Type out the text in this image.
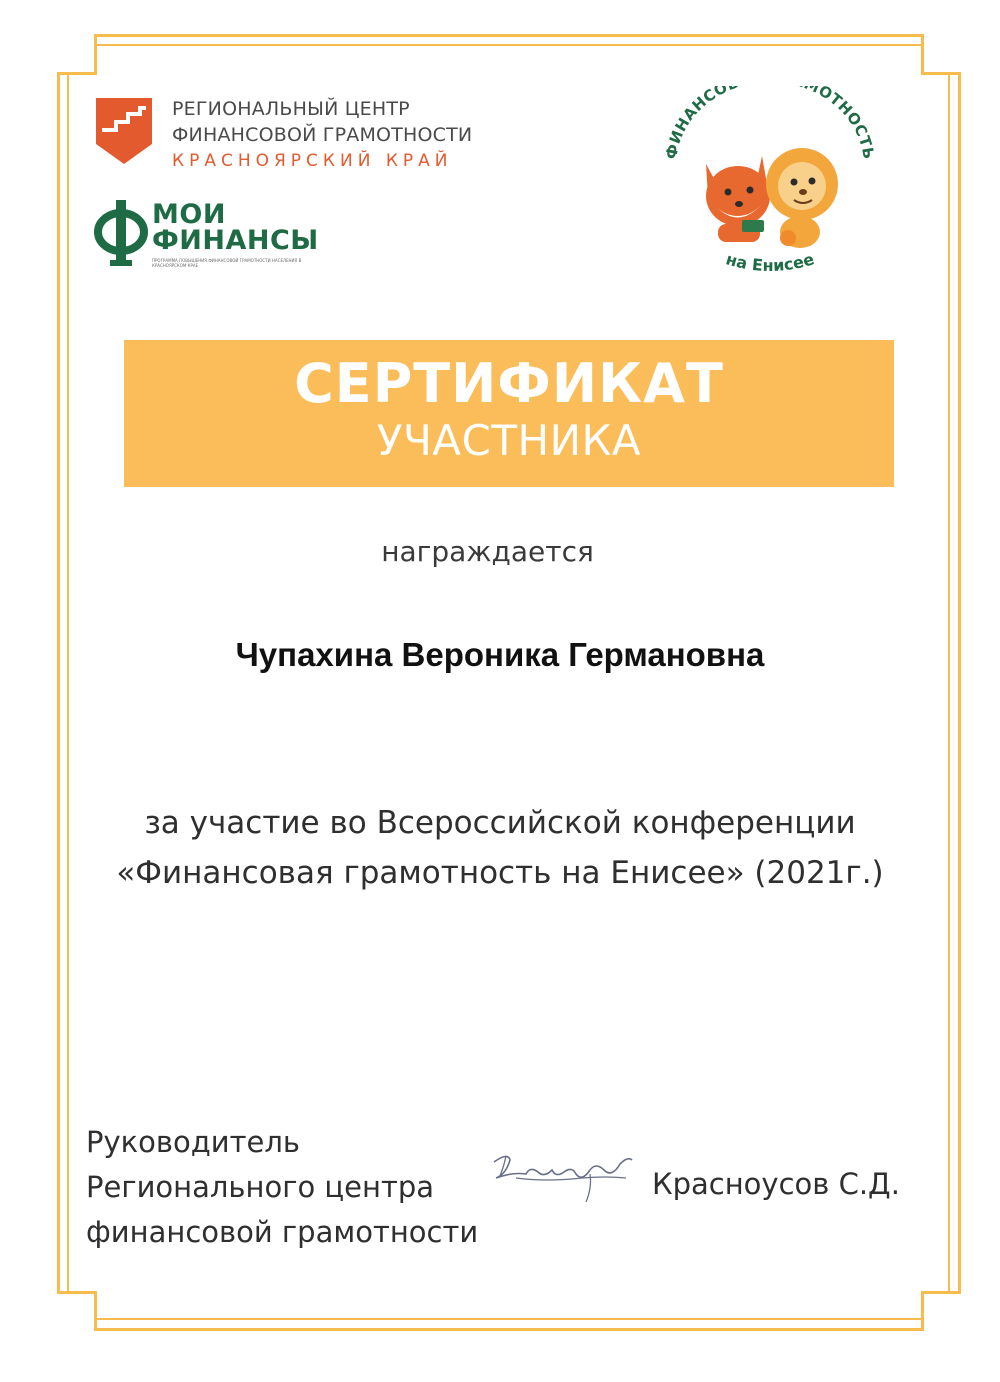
РЕГИОНАЛЬНЫЙ ЦЕНТР
ФИНАНСОВОЙ ГРАМОТНОСТИ
КРАСНОЯРСКИЙ КРАЙ
МОИ
ФИНАНСЫ
ПРОГРАММА ПОВЫШЕНИЯ ФИНАНСОВОЙ ГРАМОТНОСТИ НАСЕЛЕНИЯ В КРАСНОЯРСКОМ КРАЕ
ФИНАНСО ОТНОСТЬ
на Енисее
СЕРТИФИКАТ
УЧАСТНИКА
награждается
Чупахина Вероника Германовна
за участие во Всероссийской конференции
«Финансовая грамотность на Енисее» (2021г.)
Руководитель
Регионального центра
финансовой грамотности
Красноусов С.Д.
